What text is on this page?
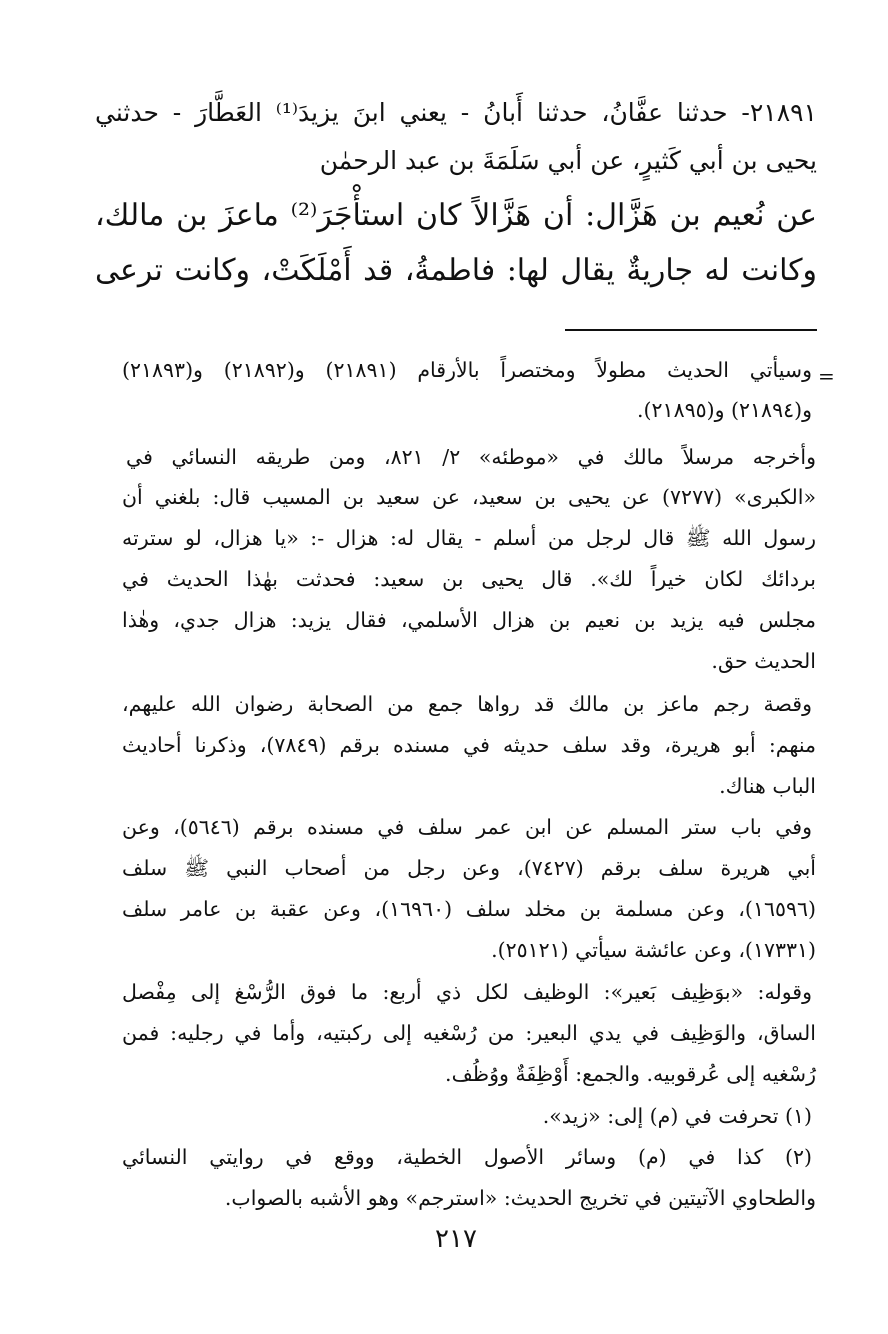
٢١٨٩١- حدثنا عفَّانُ، حدثنا أَبانُ - يعني ابنَ يزيدَ⁽¹⁾ العَطَّارَ - حدثني

يحيى بن أبي كَثيرٍ، عن أبي سَلَمَةَ بن عبد الرحمٰن

عن نُعيم بن هَزَّال: أن هَزَّالاً كان استأْجَرَ⁽²⁾ ماعزَ بن مالك،

وكانت له جاريةٌ يقال لها: فاطمةُ، قد أَمْلَكَتْ، وكانت ترعى

=

وسيأتي الحديث مطولاً ومختصراً بالأرقام (٢١٨٩١) و(٢١٨٩٢) و(٢١٨٩٣)

و(٢١٨٩٤) و(٢١٨٩٥).

وأخرجه مرسلاً مالك في «موطئه» ٢/ ٨٢١، ومن طريقه النسائي في

«الكبرى» (٧٢٧٧) عن يحيى بن سعيد، عن سعيد بن المسيب قال: بلغني أن

رسول الله ﷺ قال لرجل من أسلم - يقال له: هزال -: «يا هزال، لو سترته

بردائك لكان خيراً لك». قال يحيى بن سعيد: فحدثت بهٰذا الحديث في

مجلس فيه يزيد بن نعيم بن هزال الأسلمي، فقال يزيد: هزال جدي، وهٰذا

الحديث حق.

وقصة رجم ماعز بن مالك قد رواها جمع من الصحابة رضوان الله عليهم،

منهم: أبو هريرة، وقد سلف حديثه في مسنده برقم (٧٨٤٩)، وذكرنا أحاديث

الباب هناك.

وفي باب ستر المسلم عن ابن عمر سلف في مسنده برقم (٥٦٤٦)، وعن

أبي هريرة سلف برقم (٧٤٢٧)، وعن رجل من أصحاب النبي ﷺ سلف

(١٦٥٩٦)، وعن مسلمة بن مخلد سلف (١٦٩٦٠)، وعن عقبة بن عامر سلف

(١٧٣٣١)، وعن عائشة سيأتي (٢٥١٢١).

وقوله: «بوَظِيف بَعير»: الوظيف لكل ذي أربع: ما فوق الرُّسْغ إلى مِفْصل

الساق، والوَظِيف في يدي البعير: من رُسْغيه إلى ركبتيه، وأما في رجليه: فمن

رُسْغيه إلى عُرقوبيه. والجمع: أَوْظِفَةٌ ووُظُف.

(١) تحرفت في (م) إلى: «زيد».

(٢) كذا في (م) وسائر الأصول الخطية، ووقع في روايتي النسائي

والطحاوي الآتيتين في تخريج الحديث: «استرجم» وهو الأشبه بالصواب.

٢١٧
